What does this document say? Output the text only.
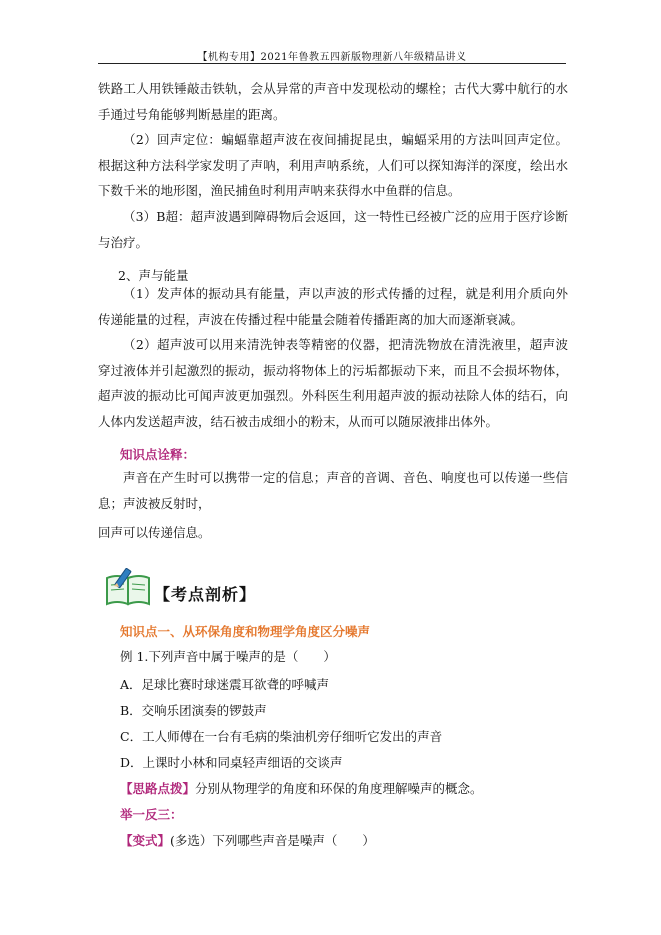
【机构专用】2021年鲁教五四新版物理新八年级精品讲义
铁路工人用铁锤敲击铁轨，会从异常的声音中发现松动的螺栓；古代大雾中航行的水手通过号角能够判断悬崖的距离。
（2）回声定位：蝙蝠靠超声波在夜间捕捉昆虫，蝙蝠采用的方法叫回声定位。根据这种方法科学家发明了声呐，利用声呐系统，人们可以探知海洋的深度，绘出水下数千米的地形图，渔民捕鱼时利用声呐来获得水中鱼群的信息。
（3）B超：超声波遇到障碍物后会返回，这一特性已经被广泛的应用于医疗诊断与治疗。
2、声与能量
（1）发声体的振动具有能量，声以声波的形式传播的过程，就是利用介质向外传递能量的过程，声波在传播过程中能量会随着传播距离的加大而逐渐衰减。
（2）超声波可以用来清洗钟表等精密的仪器，把清洗物放在清洗液里，超声波穿过液体并引起激烈的振动，振动将物体上的污垢都振动下来，而且不会损坏物体，超声波的振动比可闻声波更加强烈。外科医生利用超声波的振动祛除人体的结石，向人体内发送超声波，结石被击成细小的粉末，从而可以随尿液排出体外。
知识点诠释：
声音在产生时可以携带一定的信息；声音的音调、音色、响度也可以传递一些信息；声波被反射时，
回声可以传递信息。
【考点剖析】
知识点一、从环保角度和物理学角度区分噪声
例 1.下列声音中属于噪声的是（　　）
A．足球比赛时球迷震耳欲聋的呼喊声
B．交响乐团演奏的锣鼓声
C．工人师傅在一台有毛病的柴油机旁仔细听它发出的声音
D．上课时小林和同桌轻声细语的交谈声
【思路点拨】分别从物理学的角度和环保的角度理解噪声的概念。
举一反三：
【变式】(多选）下列哪些声音是噪声（　　）
